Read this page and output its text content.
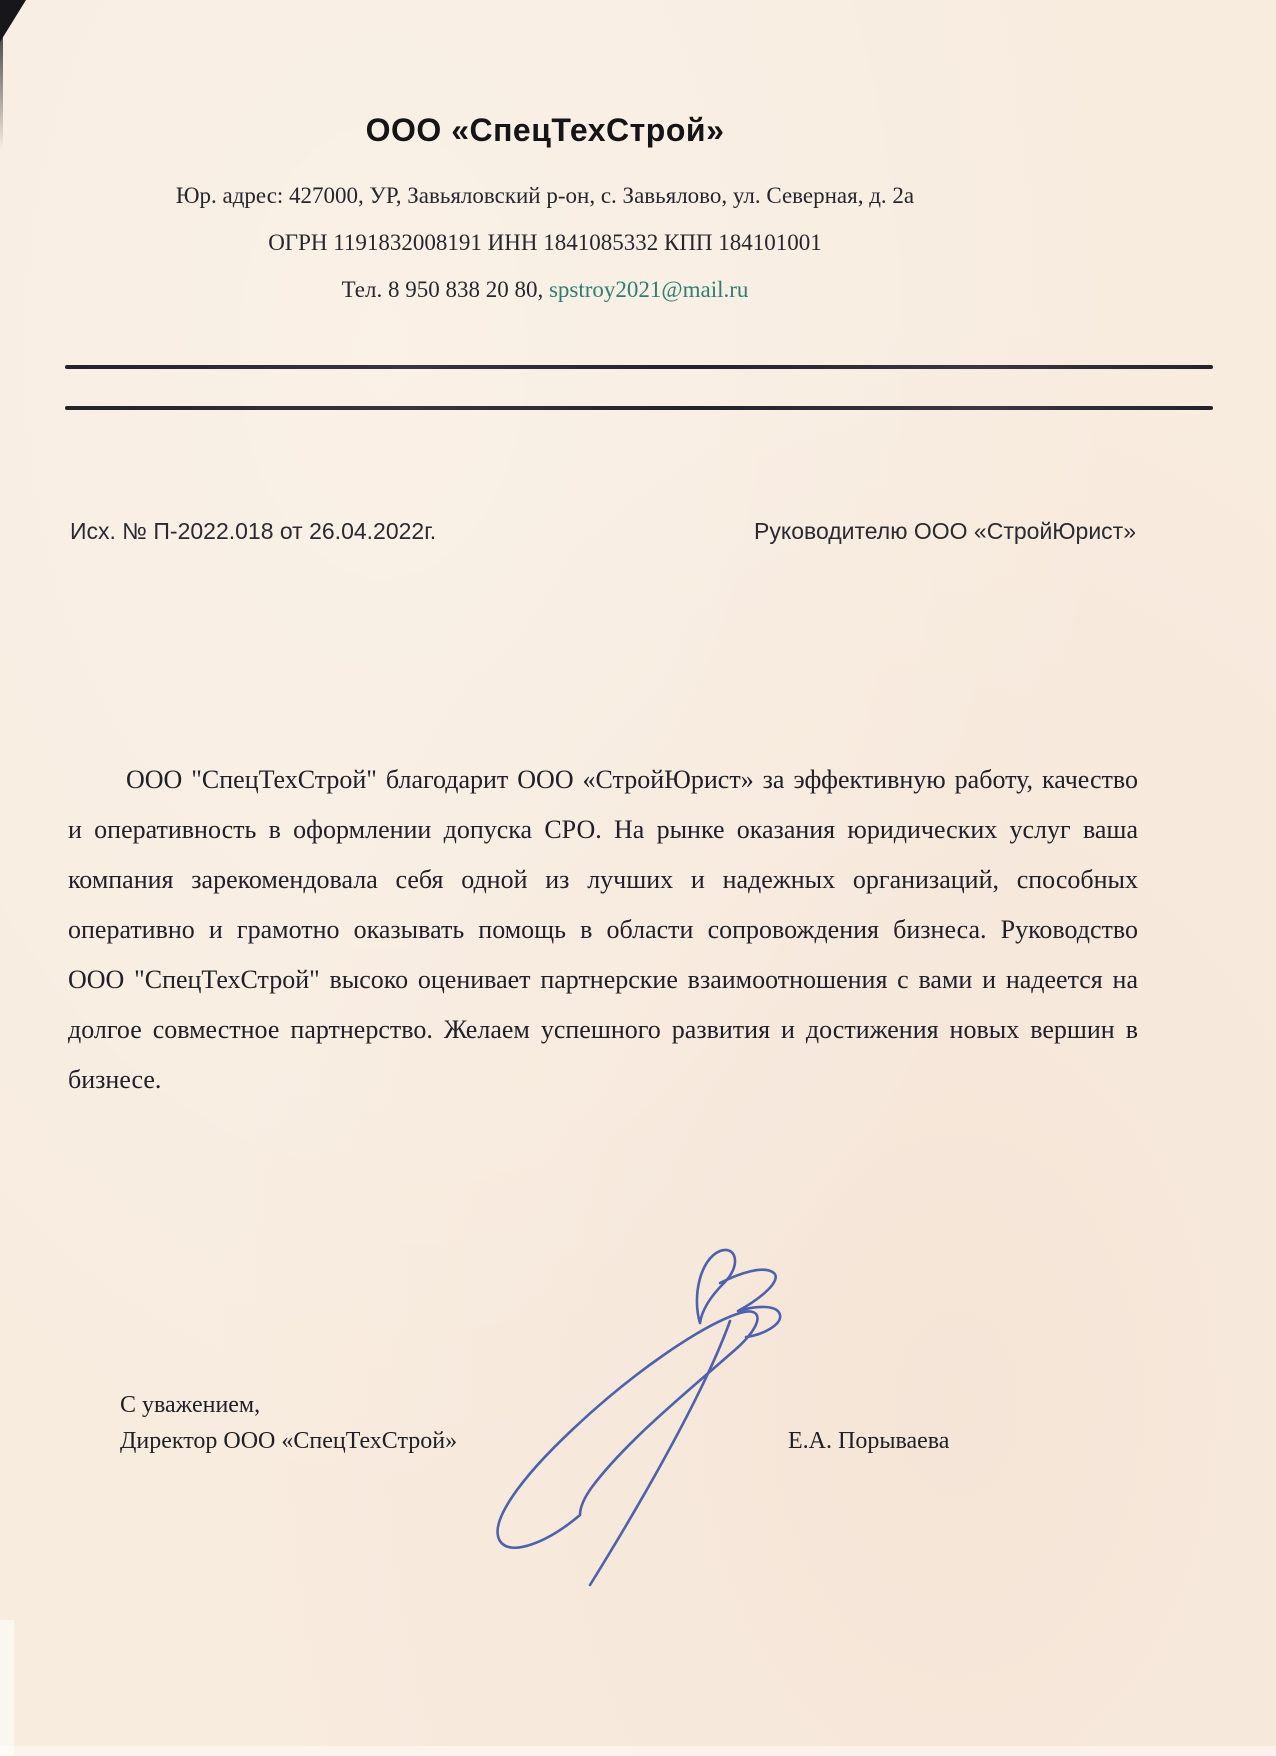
ООО «СпецТехСтрой»
Юр. адрес: 427000, УР, Завьяловский р-он, с. Завьялово, ул. Северная, д. 2а
ОГРН 1191832008191 ИНН 1841085332 КПП 184101001
Тел. 8 950 838 20 80, spstroy2021@mail.ru
Исх. № П-2022.018 от 26.04.2022г.	Руководителю ООО «СтройЮрист»

ООО "СпецТехСтрой" благодарит ООО «СтройЮрист» за эффективную работу, качество и оперативность в оформлении допуска СРО. На рынке оказания юридических услуг ваша компания зарекомендовала себя одной из лучших и надежных организаций, способных оперативно и грамотно оказывать помощь в области сопровождения бизнеса. Руководство ООО "СпецТехСтрой" высоко оценивает партнерские взаимоотношения с вами и надеется на долгое совместное партнерство. Желаем успешного развития и достижения новых вершин в бизнесе.

С уважением,
Директор ООО «СпецТехСтрой»	Е.А. Порываева
